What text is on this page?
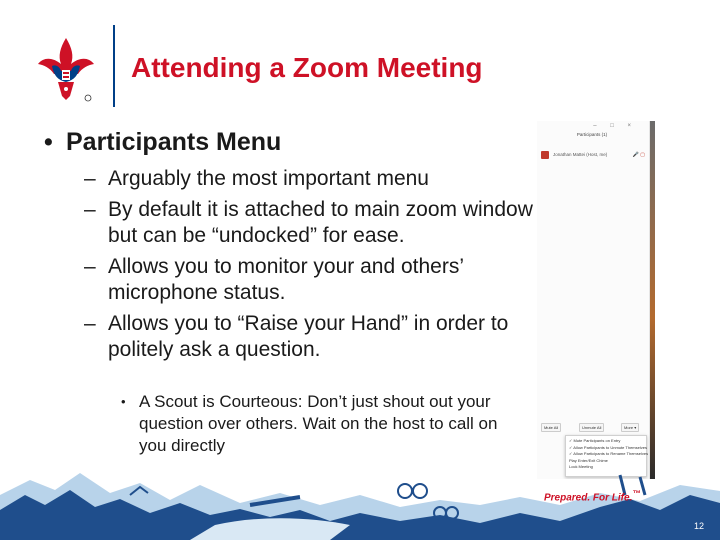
Attending a Zoom Meeting
• Participants Menu
– Arguably the most important menu
– By default it is attached to main zoom window but can be “undocked” for ease.
– Allows you to monitor your and others’ microphone status.
– Allows you to “Raise your Hand” in order to politely ask a question.
• A Scout is Courteous: Don’t just shout out your question over others. Wait on the host to call on you directly
– □ ×
Participants (1)
Jonathan Mattei (Host, me)	🎤 ▢
Mute All	Unmute All	More ▾
✓ Mute Participants on Entry
✓ Allow Participants to Unmute Themselves
✓ Allow Participants to Rename Themselves
Play Enter/Exit Chime
Lock Meeting
Prepared. For Life.™
12
